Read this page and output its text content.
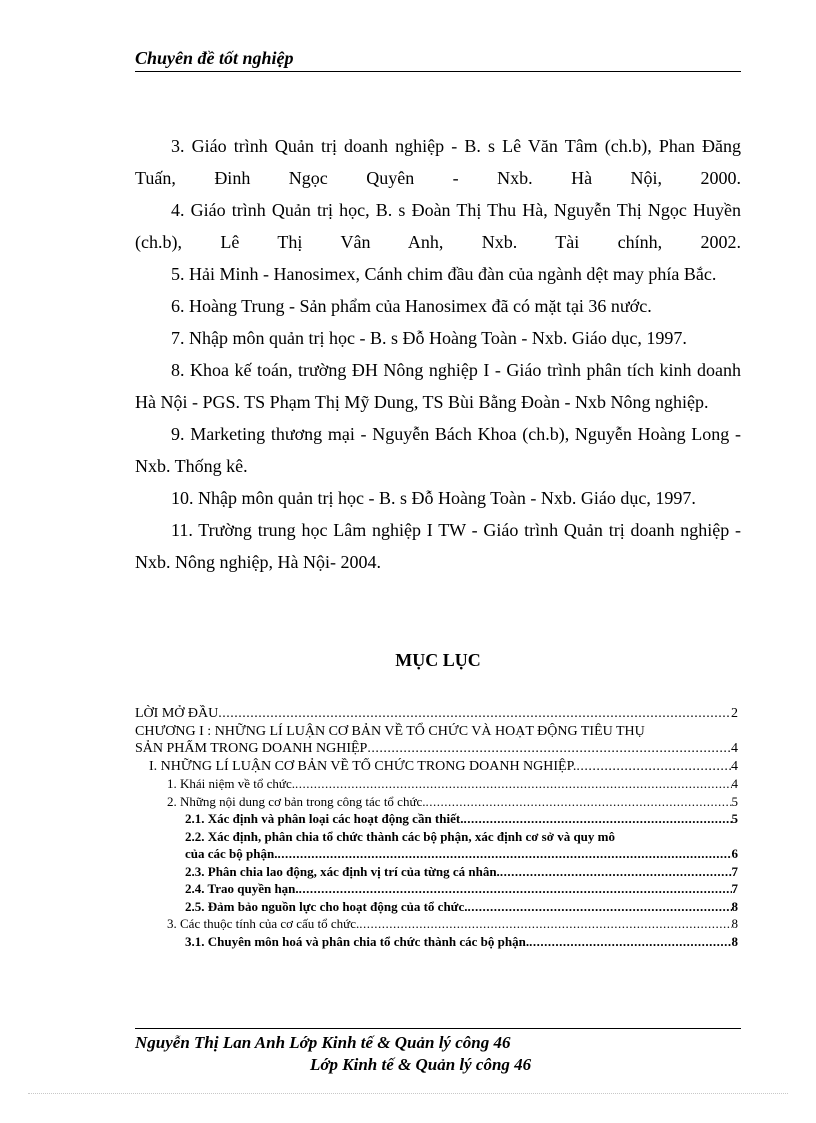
Chuyên đề tốt nghiệp

3. Giáo trình Quản trị doanh nghiệp - B. s Lê Văn Tâm (ch.b), Phan Đăng Tuấn, Đinh Ngọc Quyên - Nxb. Hà Nội, 2000.

4. Giáo trình Quản trị học, B. s Đoàn Thị Thu Hà, Nguyễn Thị Ngọc Huyền (ch.b), Lê Thị Vân Anh, Nxb. Tài chính, 2002.

5. Hải Minh - Hanosimex, Cánh chim đầu đàn của ngành dệt may phía Bắc.

6. Hoàng Trung - Sản phẩm của Hanosimex đã có mặt tại 36 nước.

7. Nhập môn quản trị học - B. s Đỗ Hoàng Toàn - Nxb. Giáo dục, 1997.

8. Khoa kế toán, trường ĐH Nông nghiệp I - Giáo trình phân tích kinh doanh Hà Nội - PGS. TS Phạm Thị Mỹ Dung, TS Bùi Bằng Đoàn - Nxb Nông nghiệp.

9. Marketing thương mại - Nguyễn Bách Khoa (ch.b), Nguyễn Hoàng Long - Nxb. Thống kê.

10. Nhập môn quản trị học - B. s Đỗ Hoàng Toàn - Nxb. Giáo dục, 1997.

11. Trường trung học Lâm nghiệp I TW - Giáo trình Quản trị doanh nghiệp - Nxb. Nông nghiệp, Hà Nội- 2004.

MỤC LỤC
LỜI MỞ ĐẦU .....	2
CHƯƠNG I : NHỮNG LÍ LUẬN CƠ BẢN VỀ TỔ CHỨC VÀ HOẠT ĐỘNG TIÊU THỤ
SẢN PHẨM TRONG DOANH NGHIỆP .....	4
I. NHỮNG LÍ LUẬN CƠ BẢN VỀ TỔ CHỨC TRONG DOANH NGHIỆP. .....	4
1. Khái niệm về tổ chức. .....	4
2. Những nội dung cơ bản trong công tác tổ chức. .....	5
2.1. Xác định và phân loại các hoạt động cần thiết. .....	5
2.2. Xác định, phân chia tổ chức thành các bộ phận, xác định cơ sở và quy mô
của các bộ phận. .....	6
2.3. Phân chia lao động, xác định vị trí của từng cá nhân. .....	7
2.4. Trao quyền hạn. .....	7
2.5. Đảm bảo nguồn lực cho hoạt động của tổ chức. .....	8
3. Các thuộc tính của cơ cấu tổ chức. .....	8
3.1. Chuyên môn hoá và phân chia tổ chức thành các bộ phận. .....	8
Nguyễn Thị Lan Anh Lớp Kinh tế & Quản lý công 46
Lớp Kinh tế & Quản lý công 46
